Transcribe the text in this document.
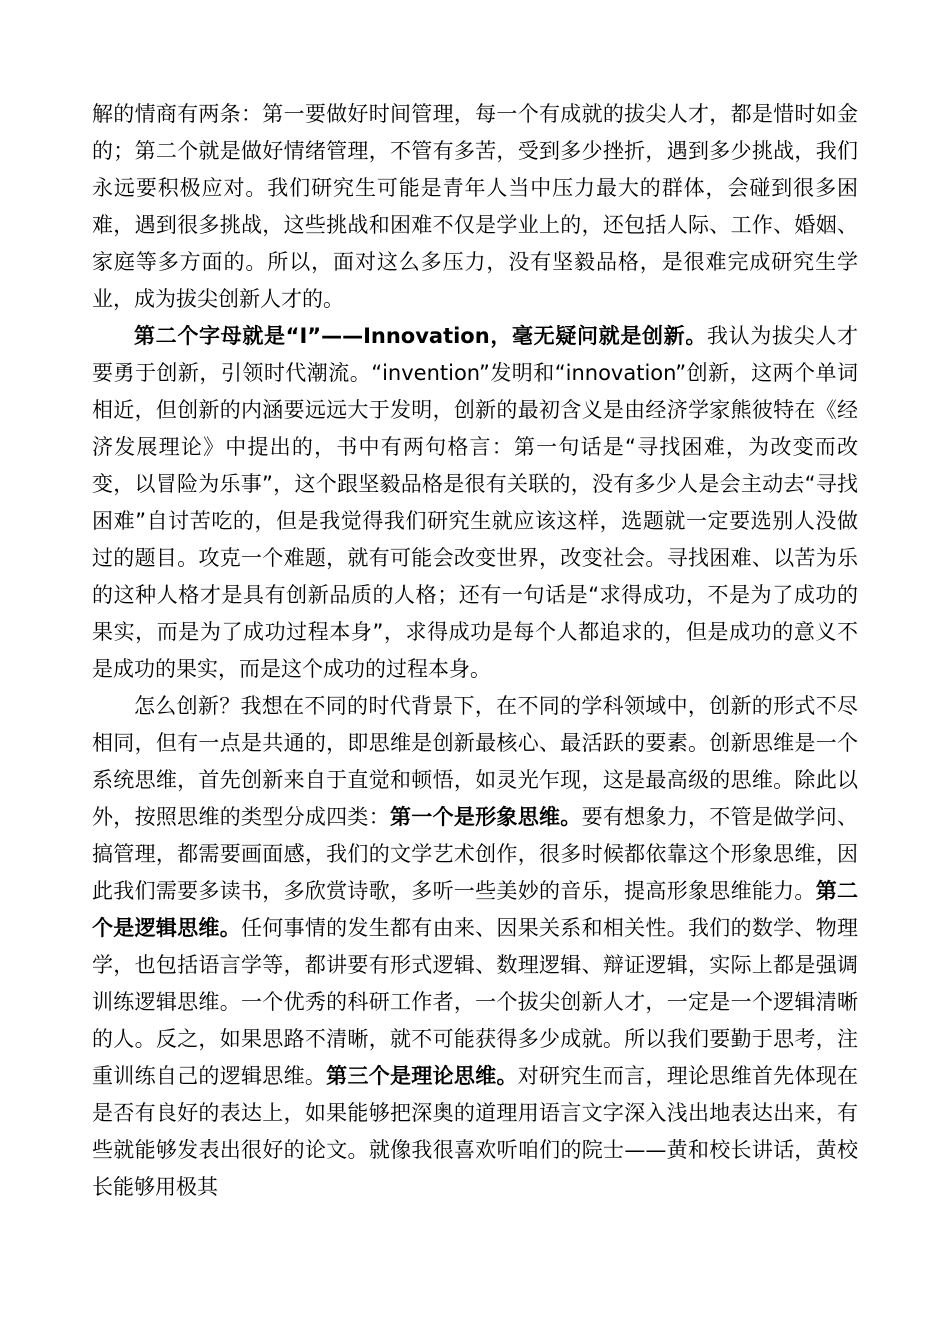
解的情商有两条：第一要做好时间管理，每一个有成就的拔尖人才，都是惜时如金的；第二个就是做好情绪管理，不管有多苦，受到多少挫折，遇到多少挑战，我们永远要积极应对。我们研究生可能是青年人当中压力最大的群体，会碰到很多困难，遇到很多挑战，这些挑战和困难不仅是学业上的，还包括人际、工作、婚姻、家庭等多方面的。所以，面对这么多压力，没有坚毅品格，是很难完成研究生学业，成为拔尖创新人才的。

第二个字母就是“I”——Innovation，毫无疑问就是创新。我认为拔尖人才要勇于创新，引领时代潮流。“invention”发明和“innovation”创新，这两个单词相近，但创新的内涵要远远大于发明，创新的最初含义是由经济学家熊彼特在《经济发展理论》中提出的，书中有两句格言：第一句话是“寻找困难，为改变而改变，以冒险为乐事”，这个跟坚毅品格是很有关联的，没有多少人是会主动去“寻找困难”自讨苦吃的，但是我觉得我们研究生就应该这样，选题就一定要选别人没做过的题目。攻克一个难题，就有可能会改变世界，改变社会。寻找困难、以苦为乐的这种人格才是具有创新品质的人格；还有一句话是“求得成功，不是为了成功的果实，而是为了成功过程本身”，求得成功是每个人都追求的，但是成功的意义不是成功的果实，而是这个成功的过程本身。

怎么创新？我想在不同的时代背景下，在不同的学科领域中，创新的形式不尽相同，但有一点是共通的，即思维是创新最核心、最活跃的要素。创新思维是一个系统思维，首先创新来自于直觉和顿悟，如灵光乍现，这是最高级的思维。除此以外，按照思维的类型分成四类：第一个是形象思维。要有想象力，不管是做学问、搞管理，都需要画面感，我们的文学艺术创作，很多时候都依靠这个形象思维，因此我们需要多读书，多欣赏诗歌，多听一些美妙的音乐，提高形象思维能力。第二个是逻辑思维。任何事情的发生都有由来、因果关系和相关性。我们的数学、物理学，也包括语言学等，都讲要有形式逻辑、数理逻辑、辩证逻辑，实际上都是强调训练逻辑思维。一个优秀的科研工作者，一个拔尖创新人才，一定是一个逻辑清晰的人。反之，如果思路不清晰，就不可能获得多少成就。所以我们要勤于思考，注重训练自己的逻辑思维。第三个是理论思维。对研究生而言，理论思维首先体现在是否有良好的表达上，如果能够把深奥的道理用语言文字深入浅出地表达出来，有些就能够发表出很好的论文。就像我很喜欢听咱们的院士——黄和校长讲话，黄校长能够用极其
